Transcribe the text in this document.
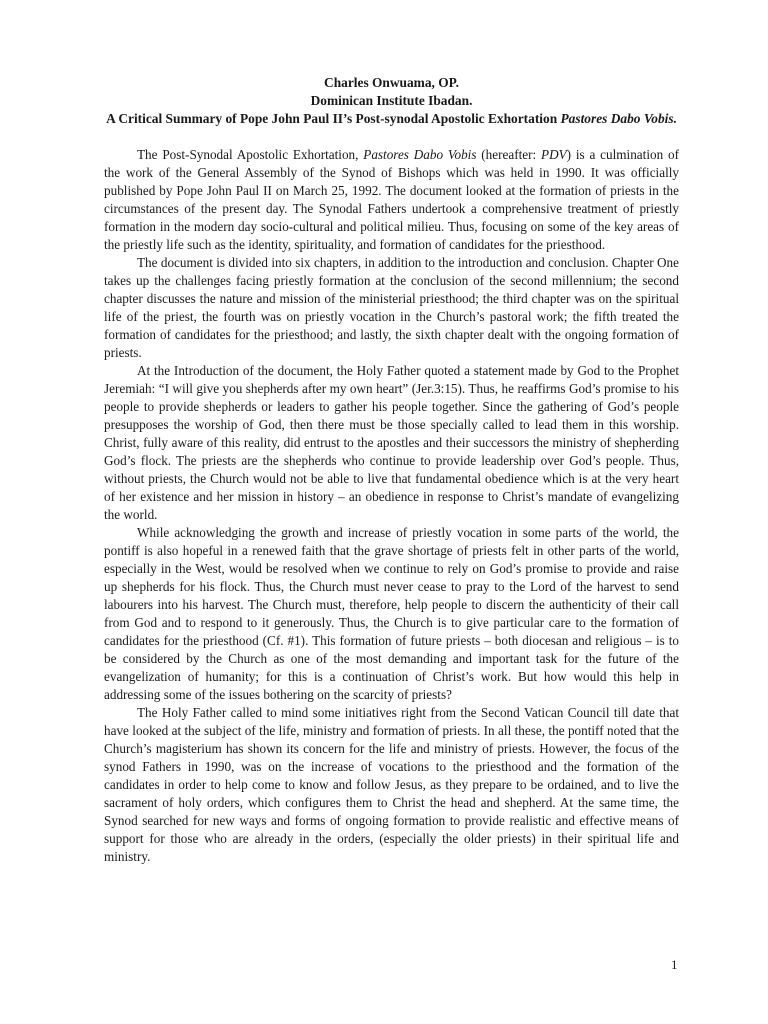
Charles Onwuama, OP.
Dominican Institute Ibadan.
A Critical Summary of Pope John Paul II’s Post-synodal Apostolic Exhortation Pastores Dabo Vobis.

The Post-Synodal Apostolic Exhortation, Pastores Dabo Vobis (hereafter: PDV) is a culmination of the work of the General Assembly of the Synod of Bishops which was held in 1990. It was officially published by Pope John Paul II on March 25, 1992. The document looked at the formation of priests in the circumstances of the present day. The Synodal Fathers undertook a comprehensive treatment of priestly formation in the modern day socio-cultural and political milieu. Thus, focusing on some of the key areas of the priestly life such as the identity, spirituality, and formation of candidates for the priesthood.

The document is divided into six chapters, in addition to the introduction and conclusion. Chapter One takes up the challenges facing priestly formation at the conclusion of the second millennium; the second chapter discusses the nature and mission of the ministerial priesthood; the third chapter was on the spiritual life of the priest, the fourth was on priestly vocation in the Church’s pastoral work; the fifth treated the formation of candidates for the priesthood; and lastly, the sixth chapter dealt with the ongoing formation of priests.

At the Introduction of the document, the Holy Father quoted a statement made by God to the Prophet Jeremiah: “I will give you shepherds after my own heart” (Jer.3:15). Thus, he reaffirms God’s promise to his people to provide shepherds or leaders to gather his people together. Since the gathering of God’s people presupposes the worship of God, then there must be those specially called to lead them in this worship. Christ, fully aware of this reality, did entrust to the apostles and their successors the ministry of shepherding God’s flock. The priests are the shepherds who continue to provide leadership over God’s people. Thus, without priests, the Church would not be able to live that fundamental obedience which is at the very heart of her existence and her mission in history – an obedience in response to Christ’s mandate of evangelizing the world.

While acknowledging the growth and increase of priestly vocation in some parts of the world, the pontiff is also hopeful in a renewed faith that the grave shortage of priests felt in other parts of the world, especially in the West, would be resolved when we continue to rely on God’s promise to provide and raise up shepherds for his flock. Thus, the Church must never cease to pray to the Lord of the harvest to send labourers into his harvest. The Church must, therefore, help people to discern the authenticity of their call from God and to respond to it generously. Thus, the Church is to give particular care to the formation of candidates for the priesthood (Cf. #1). This formation of future priests – both diocesan and religious – is to be considered by the Church as one of the most demanding and important task for the future of the evangelization of humanity; for this is a continuation of Christ’s work. But how would this help in addressing some of the issues bothering on the scarcity of priests?

The Holy Father called to mind some initiatives right from the Second Vatican Council till date that have looked at the subject of the life, ministry and formation of priests. In all these, the pontiff noted that the Church’s magisterium has shown its concern for the life and ministry of priests. However, the focus of the synod Fathers in 1990, was on the increase of vocations to the priesthood and the formation of the candidates in order to help come to know and follow Jesus, as they prepare to be ordained, and to live the sacrament of holy orders, which configures them to Christ the head and shepherd. At the same time, the Synod searched for new ways and forms of ongoing formation to provide realistic and effective means of support for those who are already in the orders, (especially the older priests) in their spiritual life and ministry.

1
